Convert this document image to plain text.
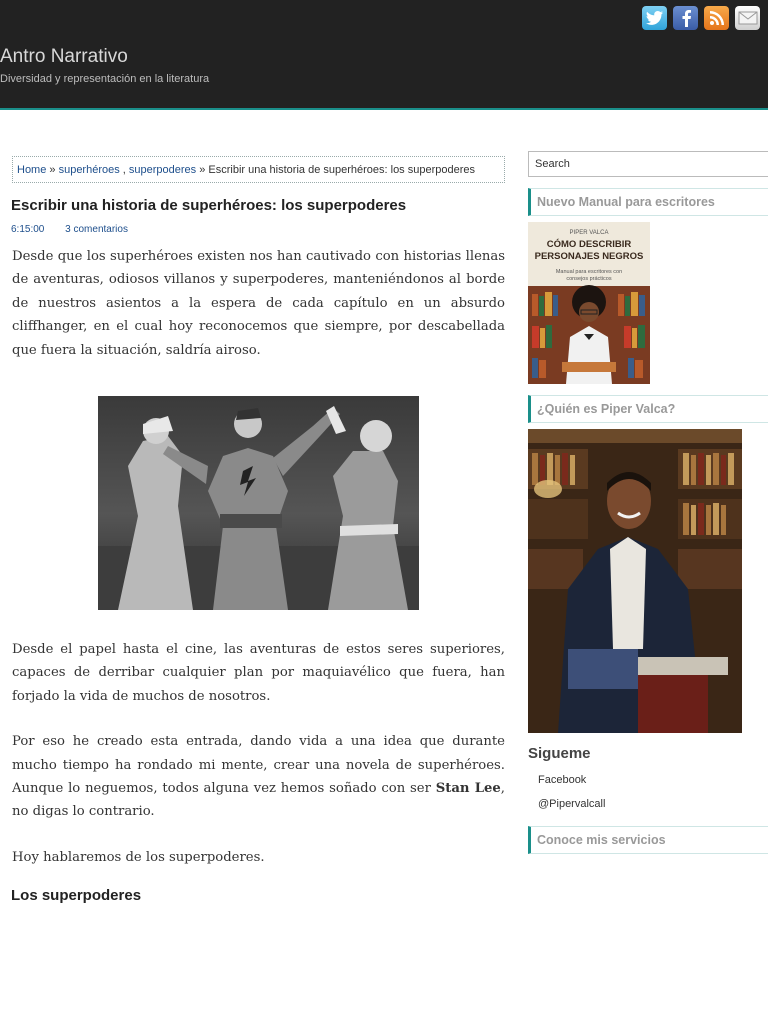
Antro Narrativo
Diversidad y representación en la literatura
Home » superhéroes , superpoderes » Escribir una historia de superhéroes: los superpoderes
Escribir una historia de superhéroes: los superpoderes
6:15:00 3 comentarios

Desde que los superhéroes existen nos han cautivado con historias llenas de aventuras, odiosos villanos y superpoderes, manteniéndonos al borde de nuestros asientos a la espera de cada capítulo en un absurdo cliffhanger, en el cual hoy reconocemos que siempre, por descabellada que fuera la situación, saldría airoso.

Desde el papel hasta el cine, las aventuras de estos seres superiores, capaces de derribar cualquier plan por maquiavélico que fuera, han forjado la vida de muchos de nosotros.

Por eso he creado esta entrada, dando vida a una idea que durante mucho tiempo ha rondado mi mente, crear una novela de superhéroes. Aunque lo neguemos, todos alguna vez hemos soñado con ser Stan Lee, no digas lo contrario.

Hoy hablaremos de los superpoderes.

Los superpoderes
Search
Nuevo Manual para escritores
PIPER VALCA
CÓMO DESCRIBIR
PERSONAJES NEGROS
Manual para escritores con
consejos prácticos
¿Quién es Piper Valca?
Sigueme
Facebook
@Pipervalcall
Conoce mis servicios
